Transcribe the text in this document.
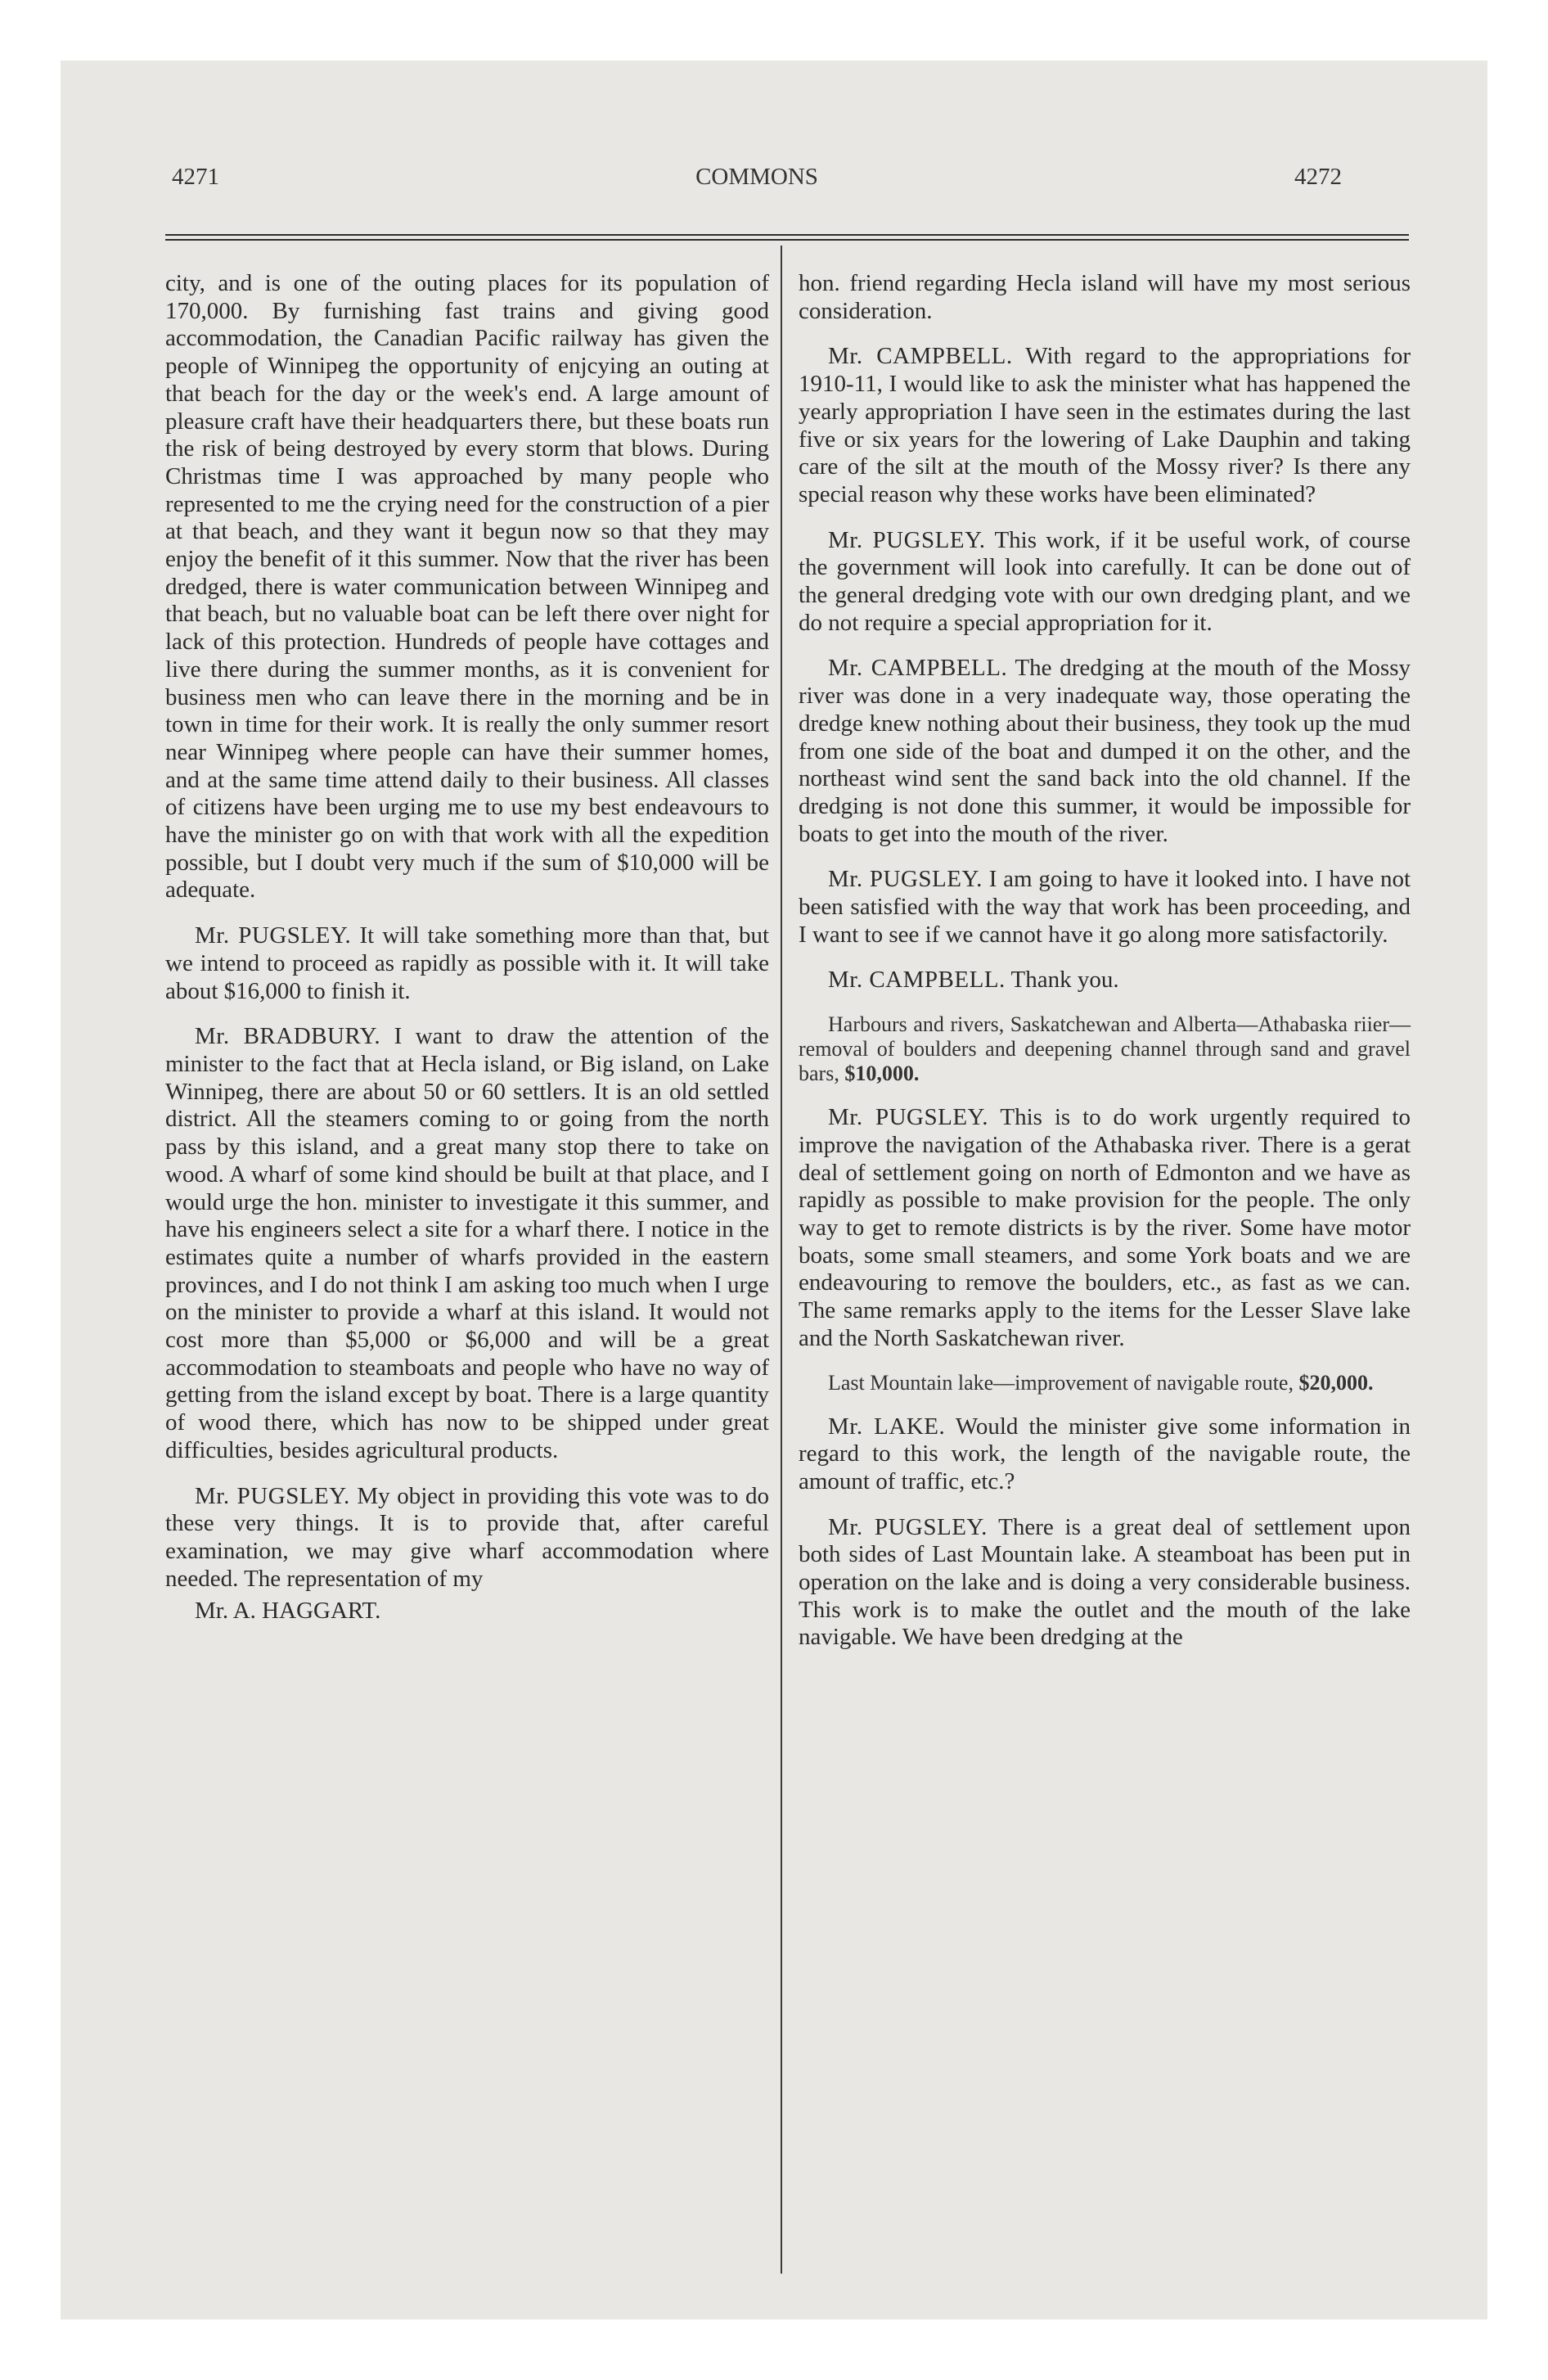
4271	COMMONS	4272

city, and is one of the outing places for its population of 170,000. By furnishing fast trains and giving good accommodation, the Canadian Pacific railway has given the people of Winnipeg the opportunity of enjcying an outing at that beach for the day or the week's end. A large amount of pleasure craft have their headquarters there, but these boats run the risk of being destroyed by every storm that blows. During Christmas time I was approached by many people who represented to me the crying need for the construction of a pier at that beach, and they want it begun now so that they may enjoy the benefit of it this summer. Now that the river has been dredged, there is water communication between Winnipeg and that beach, but no valuable boat can be left there over night for lack of this protection. Hundreds of people have cottages and live there during the summer months, as it is convenient for business men who can leave there in the morning and be in town in time for their work. It is really the only summer resort near Winnipeg where people can have their summer homes, and at the same time attend daily to their business. All classes of citizens have been urging me to use my best endeavours to have the minister go on with that work with all the expedition possible, but I doubt very much if the sum of $10,000 will be adequate.

Mr. PUGSLEY. It will take something more than that, but we intend to proceed as rapidly as possible with it. It will take about $16,000 to finish it.

Mr. BRADBURY. I want to draw the attention of the minister to the fact that at Hecla island, or Big island, on Lake Winnipeg, there are about 50 or 60 settlers. It is an old settled district. All the steamers coming to or going from the north pass by this island, and a great many stop there to take on wood. A wharf of some kind should be built at that place, and I would urge the hon. minister to investigate it this summer, and have his engineers select a site for a wharf there. I notice in the estimates quite a number of wharfs provided in the eastern provinces, and I do not think I am asking too much when I urge on the minister to provide a wharf at this island. It would not cost more than $5,000 or $6,000 and will be a great accommodation to steamboats and people who have no way of getting from the island except by boat. There is a large quantity of wood there, which has now to be shipped under great difficulties, besides agricultural products.

Mr. PUGSLEY. My object in providing this vote was to do these very things. It is to provide that, after careful examination, we may give wharf accommodation where needed. The representation of my

Mr. A. HAGGART.

hon. friend regarding Hecla island will have my most serious consideration.

Mr. CAMPBELL. With regard to the appropriations for 1910-11, I would like to ask the minister what has happened the yearly appropriation I have seen in the estimates during the last five or six years for the lowering of Lake Dauphin and taking care of the silt at the mouth of the Mossy river? Is there any special reason why these works have been eliminated?

Mr. PUGSLEY. This work, if it be useful work, of course the government will look into carefully. It can be done out of the general dredging vote with our own dredging plant, and we do not require a special appropriation for it.

Mr. CAMPBELL. The dredging at the mouth of the Mossy river was done in a very inadequate way, those operating the dredge knew nothing about their business, they took up the mud from one side of the boat and dumped it on the other, and the northeast wind sent the sand back into the old channel. If the dredging is not done this summer, it would be impossible for boats to get into the mouth of the river.

Mr. PUGSLEY. I am going to have it looked into. I have not been satisfied with the way that work has been proceeding, and I want to see if we cannot have it go along more satisfactorily.

Mr. CAMPBELL. Thank you.

Harbours and rivers, Saskatchewan and Alberta—Athabaska riier—removal of boulders and deepening channel through sand and gravel bars, $10,000.

Mr. PUGSLEY. This is to do work urgently required to improve the navigation of the Athabaska river. There is a gerat deal of settlement going on north of Edmonton and we have as rapidly as possible to make provision for the people. The only way to get to remote districts is by the river. Some have motor boats, some small steamers, and some York boats and we are endeavouring to remove the boulders, etc., as fast as we can. The same remarks apply to the items for the Lesser Slave lake and the North Saskatchewan river.

Last Mountain lake—improvement of navigable route, $20,000.

Mr. LAKE. Would the minister give some information in regard to this work, the length of the navigable route, the amount of traffic, etc.?

Mr. PUGSLEY. There is a great deal of settlement upon both sides of Last Mountain lake. A steamboat has been put in operation on the lake and is doing a very considerable business. This work is to make the outlet and the mouth of the lake navigable. We have been dredging at the
